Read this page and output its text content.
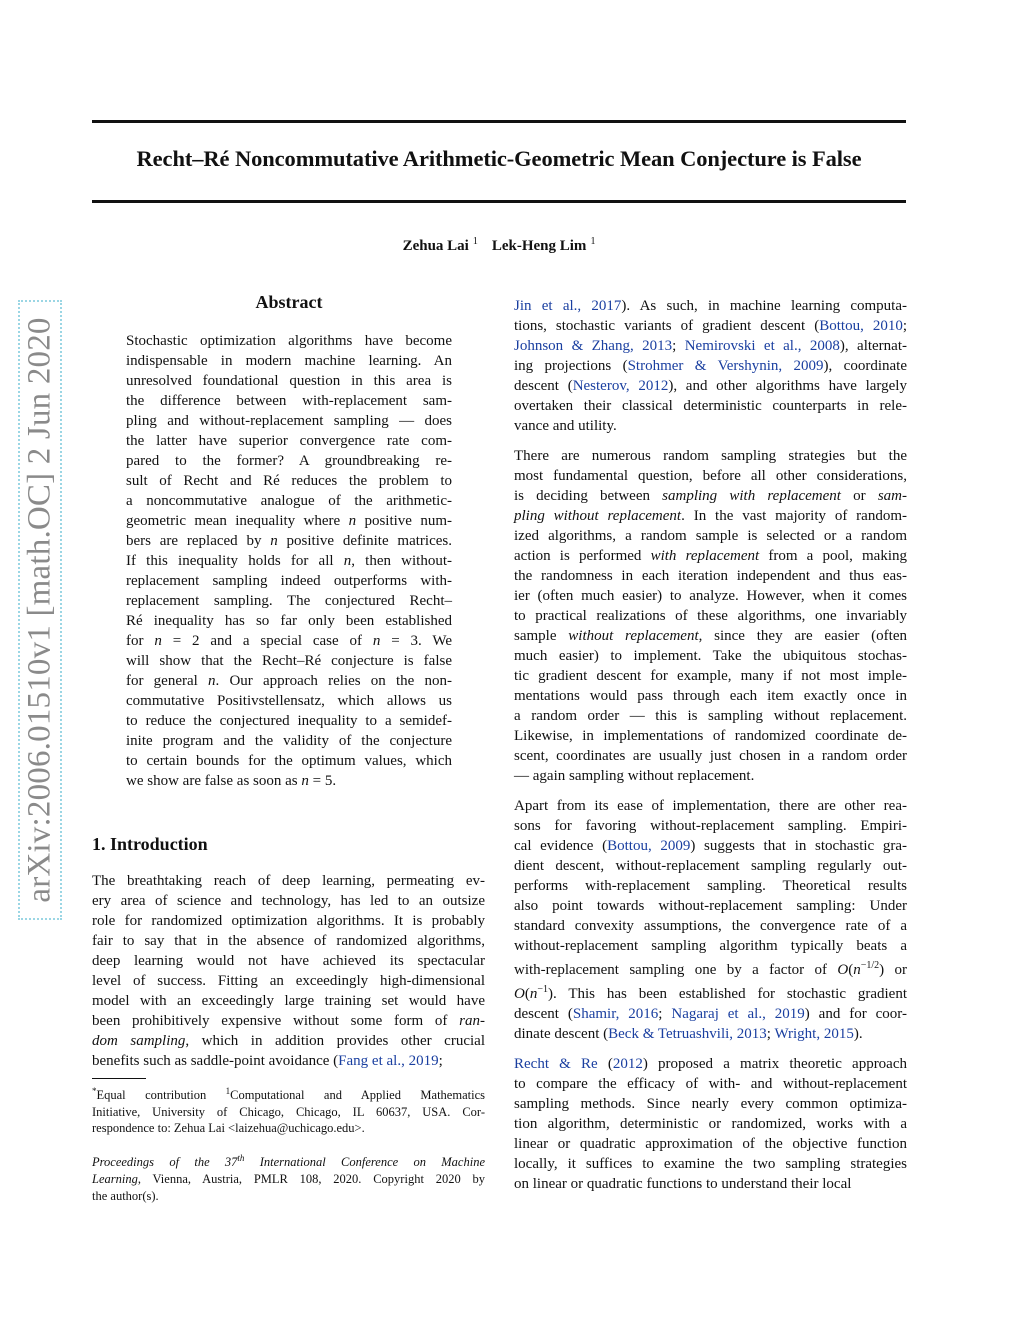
Recht–Ré Noncommutative Arithmetic-Geometric Mean Conjecture is False
Zehua Lai $^1$ Lek-Heng Lim $^1$
arXiv:2006.01510v1 [math.OC] 2 Jun 2020
Abstract
Stochastic optimization algorithms have become
indispensable in modern machine learning. An
unresolved foundational question in this area is
the difference between with-replacement sam-
pling and without-replacement sampling — does
the latter have superior convergence rate com-
pared to the former? A groundbreaking re-
sult of Recht and Ré reduces the problem to
a noncommutative analogue of the arithmetic-
geometric mean inequality where n positive num-
bers are replaced by n positive definite matrices.
If this inequality holds for all n, then without-
replacement sampling indeed outperforms with-
replacement sampling. The conjectured Recht–
Ré inequality has so far only been established
for n = 2 and a special case of n = 3. We
will show that the Recht–Ré conjecture is false
for general n. Our approach relies on the non-
commutative Positivstellensatz, which allows us
to reduce the conjectured inequality to a semidef-
inite program and the validity of the conjecture
to certain bounds for the optimum values, which
we show are false as soon as n = 5.
1. Introduction
The breathtaking reach of deep learning, permeating ev-
ery area of science and technology, has led to an outsize
role for randomized optimization algorithms. It is probably
fair to say that in the absence of randomized algorithms,
deep learning would not have achieved its spectacular
level of success. Fitting an exceedingly high-dimensional
model with an exceedingly large training set would have
been prohibitively expensive without some form of ran-
dom sampling, which in addition provides other crucial
benefits such as saddle-point avoidance (Fang et al., 2019;
*Equal contribution $^1$Computational and Applied Mathematics
Initiative, University of Chicago, Chicago, IL 60637, USA. Cor-
respondence to: Zehua Lai <laizehua@uchicago.edu>.
Proceedings of the 37th International Conference on Machine
Learning, Vienna, Austria, PMLR 108, 2020. Copyright 2020 by
the author(s).
Jin et al., 2017). As such, in machine learning computa-
tions, stochastic variants of gradient descent (Bottou, 2010;
Johnson & Zhang, 2013; Nemirovski et al., 2008), alternat-
ing projections (Strohmer & Vershynin, 2009), coordinate
descent (Nesterov, 2012), and other algorithms have largely
overtaken their classical deterministic counterparts in rele-
vance and utility.
There are numerous random sampling strategies but the
most fundamental question, before all other considerations,
is deciding between sampling with replacement or sam-
pling without replacement. In the vast majority of random-
ized algorithms, a random sample is selected or a random
action is performed with replacement from a pool, making
the randomness in each iteration independent and thus eas-
ier (often much easier) to analyze. However, when it comes
to practical realizations of these algorithms, one invariably
sample without replacement, since they are easier (often
much easier) to implement. Take the ubiquitous stochas-
tic gradient descent for example, many if not most imple-
mentations would pass through each item exactly once in
a random order — this is sampling without replacement.
Likewise, in implementations of randomized coordinate de-
scent, coordinates are usually just chosen in a random order
— again sampling without replacement.
Apart from its ease of implementation, there are other rea-
sons for favoring without-replacement sampling. Empiri-
cal evidence (Bottou, 2009) suggests that in stochastic gra-
dient descent, without-replacement sampling regularly out-
performs with-replacement sampling. Theoretical results
also point towards without-replacement sampling: Under
standard convexity assumptions, the convergence rate of a
without-replacement sampling algorithm typically beats a
with-replacement sampling one by a factor of $O(n^{-1/2})$ or
$O(n^{-1})$. This has been established for stochastic gradient
descent (Shamir, 2016; Nagaraj et al., 2019) and for coor-
dinate descent (Beck & Tetruashvili, 2013; Wright, 2015).
Recht & Re (2012) proposed a matrix theoretic approach
to compare the efficacy of with- and without-replacement
sampling methods. Since nearly every common optimiza-
tion algorithm, deterministic or randomized, works with a
linear or quadratic approximation of the objective function
locally, it suffices to examine the two sampling strategies
on linear or quadratic functions to understand their local
